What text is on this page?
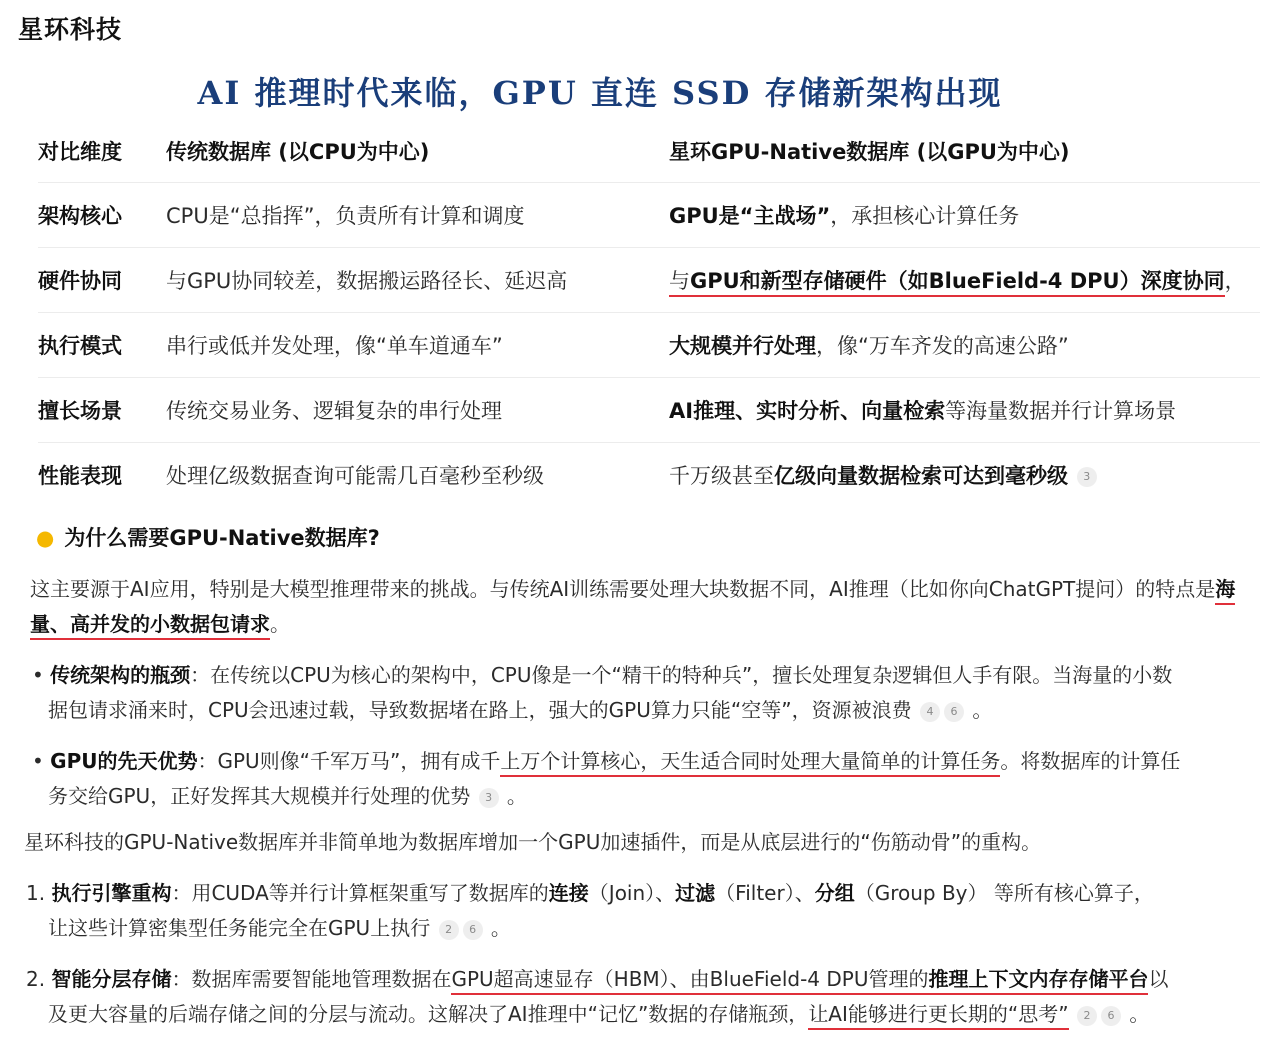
星环科技
AI 推理时代来临，GPU 直连 SSD 存储新架构出现
对比维度	传统数据库 (以CPU为中心)	星环GPU-Native数据库 (以GPU为中心)
架构核心	CPU是“总指挥”，负责所有计算和调度	GPU是“主战场”，承担核心计算任务
硬件协同	与GPU协同较差，数据搬运路径长、延迟高	与GPU和新型存储硬件（如BlueField-4 DPU）深度协同，
执行模式	串行或低并发处理，像“单车道通车”	大规模并行处理，像“万车齐发的高速公路”
擅长场景	传统交易业务、逻辑复杂的串行处理	AI推理、实时分析、向量检索等海量数据并行计算场景
性能表现	处理亿级数据查询可能需几百毫秒至秒级	千万级甚至亿级向量数据检索可达到毫秒级 3
● 为什么需要GPU-Native数据库?
这主要源于AI应用，特别是大模型推理带来的挑战。与传统AI训练需要处理大块数据不同，AI推理（比如你向ChatGPT提问）的特点是海量、高并发的小数据包请求。
• 传统架构的瓶颈：在传统以CPU为核心的架构中，CPU像是一个“精干的特种兵”，擅长处理复杂逻辑但人手有限。当海量的小数
据包请求涌来时，CPU会迅速过载，导致数据堵在路上，强大的GPU算力只能“空等”，资源被浪费 4 6 。
• GPU的先天优势：GPU则像“千军万马”，拥有成千上万个计算核心，天生适合同时处理大量简单的计算任务。将数据库的计算任
务交给GPU，正好发挥其大规模并行处理的优势 3 。
星环科技的GPU-Native数据库并非简单地为数据库增加一个GPU加速插件，而是从底层进行的“伤筋动骨”的重构。
1. 执行引擎重构：用CUDA等并行计算框架重写了数据库的连接（Join）、过滤（Filter）、分组（Group By） 等所有核心算子，
让这些计算密集型任务能完全在GPU上执行 2 6 。
2. 智能分层存储：数据库需要智能地管理数据在GPU超高速显存（HBM）、由BlueField-4 DPU管理的推理上下文内存存储平台以
及更大容量的后端存储之间的分层与流动。这解决了AI推理中“记忆”数据的存储瓶颈，让AI能够进行更长期的“思考” 2 6 。
